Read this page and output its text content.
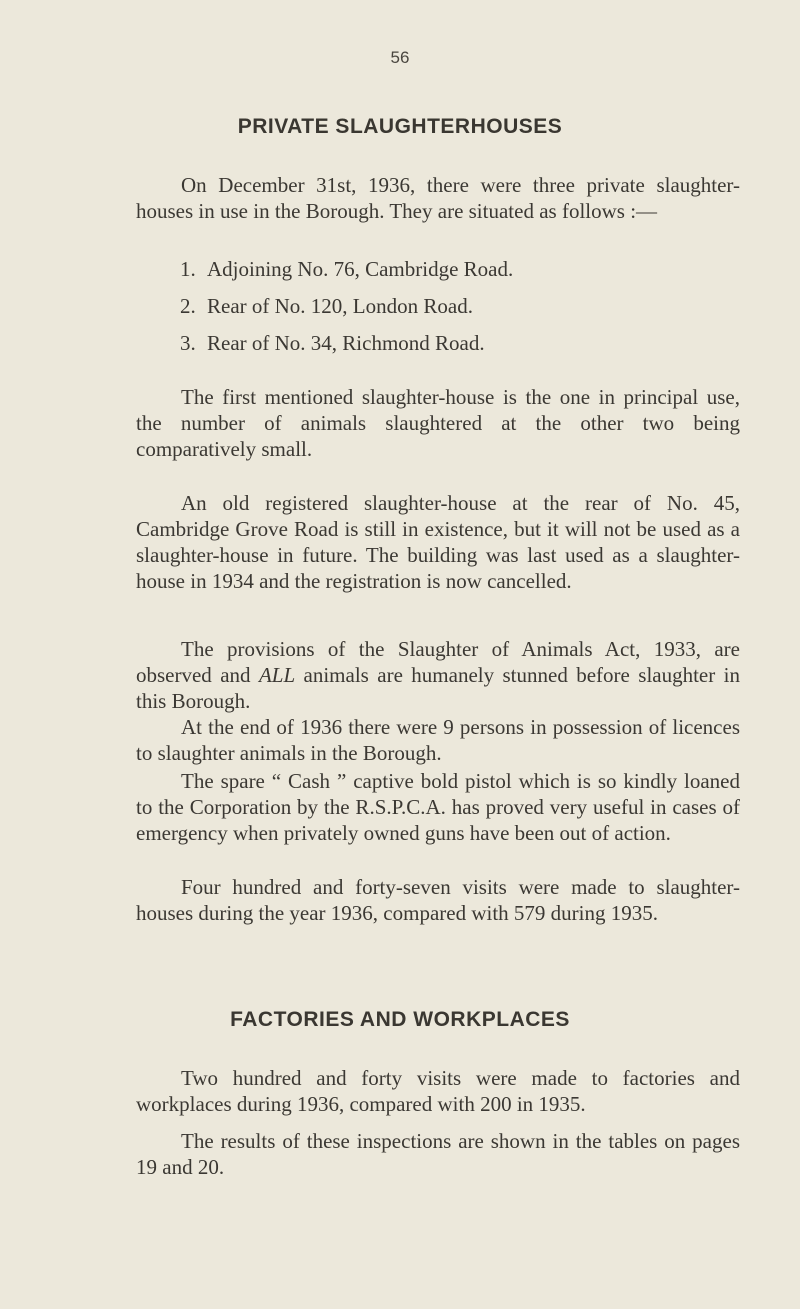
56
PRIVATE SLAUGHTERHOUSES

On December 31st, 1936, there were three private slaughter-houses in use in the Borough. They are situated as follows :—

1. Adjoining No. 76, Cambridge Road.
2. Rear of No. 120, London Road.
3. Rear of No. 34, Richmond Road.

The first mentioned slaughter-house is the one in principal use, the number of animals slaughtered at the other two being comparatively small.

An old registered slaughter-house at the rear of No. 45, Cambridge Grove Road is still in existence, but it will not be used as a slaughter-house in future. The building was last used as a slaughter-house in 1934 and the registration is now cancelled.

The provisions of the Slaughter of Animals Act, 1933, are observed and ALL animals are humanely stunned before slaughter in this Borough.

At the end of 1936 there were 9 persons in possession of licences to slaughter animals in the Borough.

The spare “ Cash ” captive bold pistol which is so kindly loaned to the Corporation by the R.S.P.C.A. has proved very useful in cases of emergency when privately owned guns have been out of action.

Four hundred and forty-seven visits were made to slaughter-houses during the year 1936, compared with 579 during 1935.

FACTORIES AND WORKPLACES

Two hundred and forty visits were made to factories and workplaces during 1936, compared with 200 in 1935.

The results of these inspections are shown in the tables on pages 19 and 20.
